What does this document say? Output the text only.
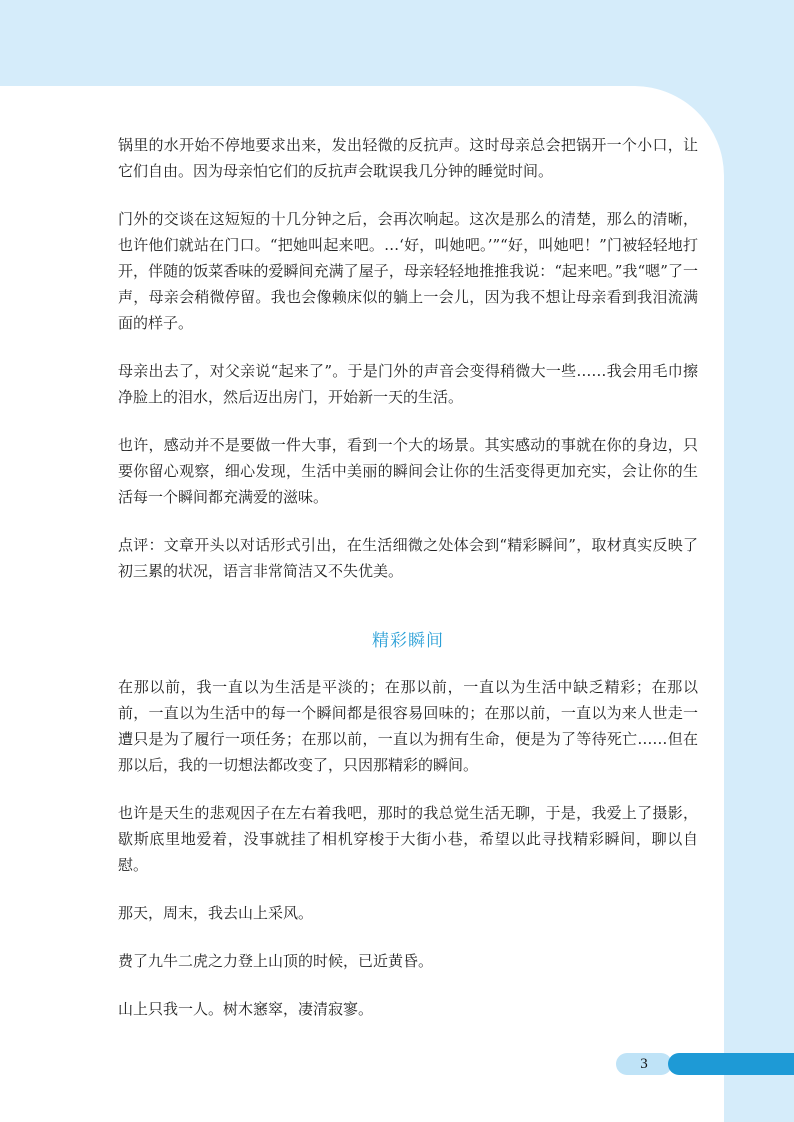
锅里的水开始不停地要求出来，发出轻微的反抗声。这时母亲总会把锅开一个小口，让它们自由。因为母亲怕它们的反抗声会耽误我几分钟的睡觉时间。

门外的交谈在这短短的十几分钟之后，会再次响起。这次是那么的清楚，那么的清晰，也许他们就站在门口。“把她叫起来吧。…‘好，叫她吧。’”“好，叫她吧！”门被轻轻地打开，伴随的饭菜香味的爱瞬间充满了屋子，母亲轻轻地推推我说：“起来吧。”我“嗯”了一声，母亲会稍微停留。我也会像赖床似的躺上一会儿，因为我不想让母亲看到我泪流满面的样子。

母亲出去了，对父亲说“起来了”。于是门外的声音会变得稍微大一些……我会用毛巾擦净脸上的泪水，然后迈出房门，开始新一天的生活。

也许，感动并不是要做一件大事，看到一个大的场景。其实感动的事就在你的身边，只要你留心观察，细心发现，生活中美丽的瞬间会让你的生活变得更加充实，会让你的生活每一个瞬间都充满爱的滋味。

点评：文章开头以对话形式引出，在生活细微之处体会到“精彩瞬间”，取材真实反映了初三累的状况，语言非常简洁又不失优美。

精彩瞬间

在那以前，我一直以为生活是平淡的；在那以前，一直以为生活中缺乏精彩；在那以前，一直以为生活中的每一个瞬间都是很容易回味的；在那以前，一直以为来人世走一遭只是为了履行一项任务；在那以前，一直以为拥有生命，便是为了等待死亡……但在那以后，我的一切想法都改变了，只因那精彩的瞬间。

也许是天生的悲观因子在左右着我吧，那时的我总觉生活无聊，于是，我爱上了摄影，歇斯底里地爱着，没事就挂了相机穿梭于大街小巷，希望以此寻找精彩瞬间，聊以自慰。

那天，周末，我去山上采风。

费了九牛二虎之力登上山顶的时候，已近黄昏。

山上只我一人。树木窸窣，凄清寂寥。

3
